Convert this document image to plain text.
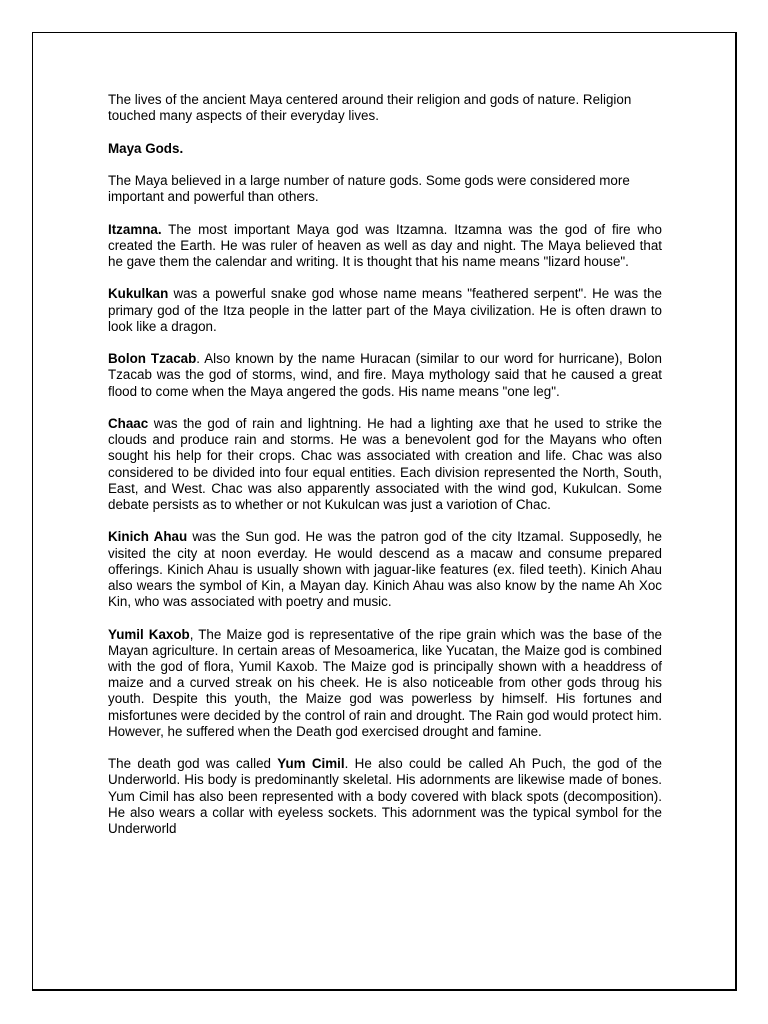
The lives of the ancient Maya centered around their religion and gods of nature. Religion touched many aspects of their everyday lives.

Maya Gods.

The Maya believed in a large number of nature gods. Some gods were considered more important and powerful than others.

Itzamna. The most important Maya god was Itzamna. Itzamna was the god of fire who created the Earth. He was ruler of heaven as well as day and night. The Maya believed that he gave them the calendar and writing. It is thought that his name means "lizard house".

Kukulkan was a powerful snake god whose name means "feathered serpent". He was the primary god of the Itza people in the latter part of the Maya civilization. He is often drawn to look like a dragon.

Bolon Tzacab. Also known by the name Huracan (similar to our word for hurricane), Bolon Tzacab was the god of storms, wind, and fire. Maya mythology said that he caused a great flood to come when the Maya angered the gods. His name means "one leg".

Chaac was the god of rain and lightning. He had a lighting axe that he used to strike the clouds and produce rain and storms. He was a benevolent god for the Mayans who often sought his help for their crops. Chac was associated with creation and life. Chac was also considered to be divided into four equal entities. Each division represented the North, South, East, and West. Chac was also apparently associated with the wind god, Kukulcan. Some debate persists as to whether or not Kukulcan was just a variotion of Chac.

Kinich Ahau was the Sun god. He was the patron god of the city Itzamal. Supposedly, he visited the city at noon everday. He would descend as a macaw and consume prepared offerings. Kinich Ahau is usually shown with jaguar-like features (ex. filed teeth). Kinich Ahau also wears the symbol of Kin, a Mayan day. Kinich Ahau was also know by the name Ah Xoc Kin, who was associated with poetry and music.

Yumil Kaxob, The Maize god is representative of the ripe grain which was the base of the Mayan agriculture. In certain areas of Mesoamerica, like Yucatan, the Maize god is combined with the god of flora, Yumil Kaxob. The Maize god is principally shown with a headdress of maize and a curved streak on his cheek. He is also noticeable from other gods throug his youth. Despite this youth, the Maize god was powerless by himself. His fortunes and misfortunes were decided by the control of rain and drought. The Rain god would protect him. However, he suffered when the Death god exercised drought and famine.

The death god was called Yum Cimil. He also could be called Ah Puch, the god of the Underworld. His body is predominantly skeletal. His adornments are likewise made of bones. Yum Cimil has also been represented with a body covered with black spots (decomposition). He also wears a collar with eyeless sockets. This adornment was the typical symbol for the Underworld
